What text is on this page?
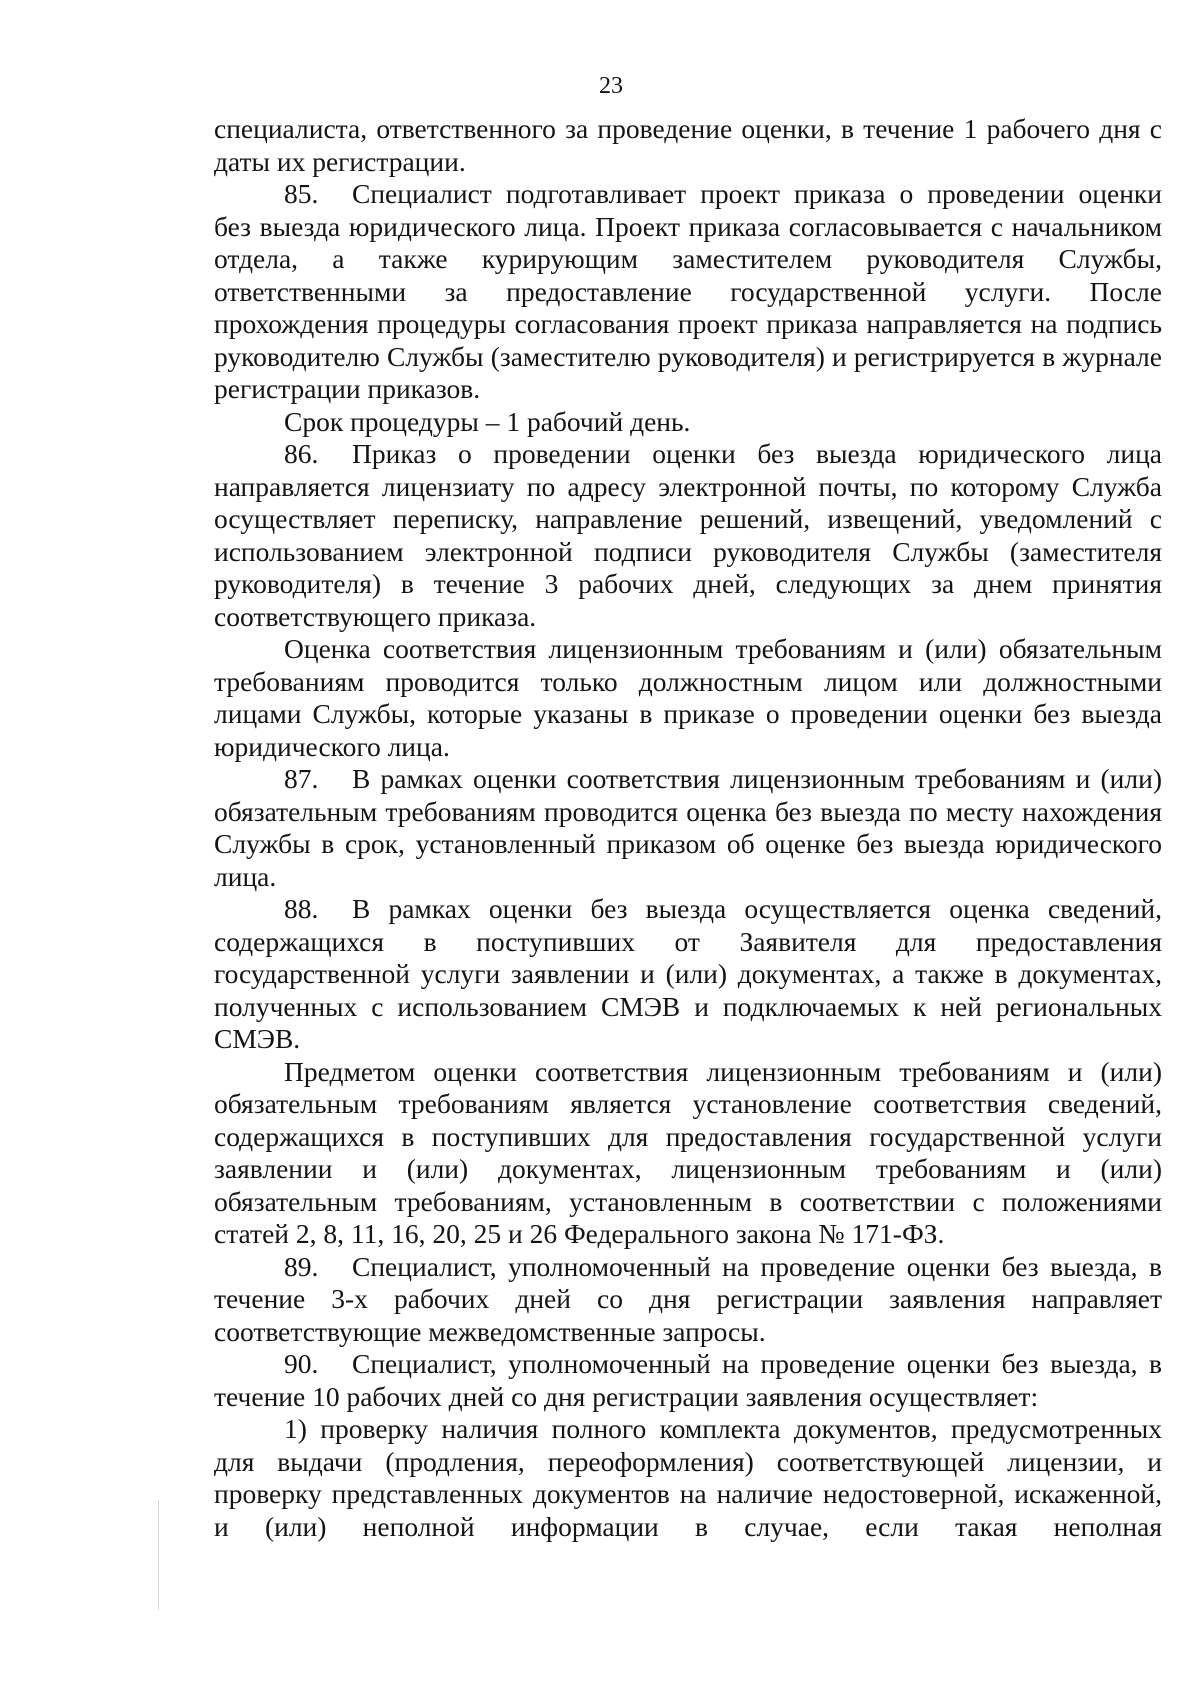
23

специалиста, ответственного за проведение оценки, в течение 1 рабочего дня с даты их регистрации.

85. Специалист подготавливает проект приказа о проведении оценки без выезда юридического лица. Проект приказа согласовывается с начальником отдела, а также курирующим заместителем руководителя Службы, ответственными за предоставление государственной услуги. После прохождения процедуры согласования проект приказа направляется на подпись руководителю Службы (заместителю руководителя) и регистрируется в журнале регистрации приказов.

Срок процедуры – 1 рабочий день.

86. Приказ о проведении оценки без выезда юридического лица направляется лицензиату по адресу электронной почты, по которому Служба осуществляет переписку, направление решений, извещений, уведомлений с использованием электронной подписи руководителя Службы (заместителя руководителя) в течение 3 рабочих дней, следующих за днем принятия соответствующего приказа.

Оценка соответствия лицензионным требованиям и (или) обязательным требованиям проводится только должностным лицом или должностными лицами Службы, которые указаны в приказе о проведении оценки без выезда юридического лица.

87. В рамках оценки соответствия лицензионным требованиям и (или) обязательным требованиям проводится оценка без выезда по месту нахождения Службы в срок, установленный приказом об оценке без выезда юридического лица.

88. В рамках оценки без выезда осуществляется оценка сведений, содержащихся в поступивших от Заявителя для предоставления государственной услуги заявлении и (или) документах, а также в документах, полученных с использованием СМЭВ и подключаемых к ней региональных СМЭВ.

Предметом оценки соответствия лицензионным требованиям и (или) обязательным требованиям является установление соответствия сведений, содержащихся в поступивших для предоставления государственной услуги заявлении и (или) документах, лицензионным требованиям и (или) обязательным требованиям, установленным в соответствии с положениями статей 2, 8, 11, 16, 20, 25 и 26 Федерального закона № 171-ФЗ.

89. Специалист, уполномоченный на проведение оценки без выезда, в течение 3-х рабочих дней со дня регистрации заявления направляет соответствующие межведомственные запросы.

90. Специалист, уполномоченный на проведение оценки без выезда, в течение 10 рабочих дней со дня регистрации заявления осуществляет:

1) проверку наличия полного комплекта документов, предусмотренных для выдачи (продления, переоформления) соответствующей лицензии, и проверку представленных документов на наличие недостоверной, искаженной, и (или) неполной информации в случае, если такая неполная
